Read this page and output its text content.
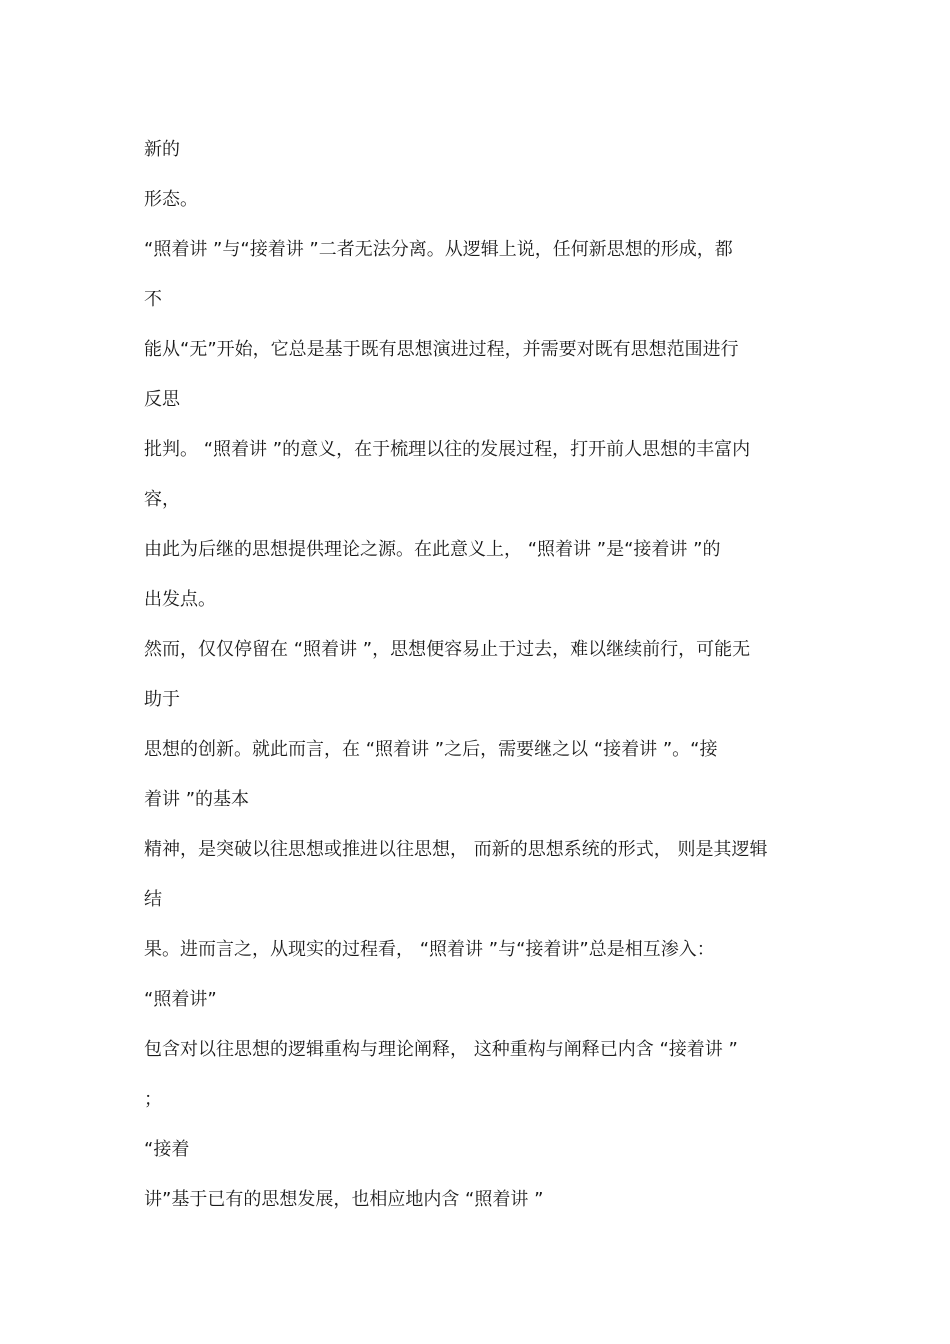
新的
形态。
“照着讲 ”与“接着讲 ”二者无法分离。从逻辑上说，任何新思想的形成，都
不
能从“无”开始，它总是基于既有思想演进过程，并需要对既有思想范围进行
反思
批判。 “照着讲 ”的意义，在于梳理以往的发展过程，打开前人思想的丰富内
容，
由此为后继的思想提供理论之源。在此意义上， “照着讲 ”是“接着讲 ”的
出发点。
然而，仅仅停留在 “照着讲 ”，思想便容易止于过去，难以继续前行，可能无
助于
思想的创新。就此而言，在 “照着讲 ”之后，需要继之以 “接着讲 ”。“接
着讲 ”的基本
精神，是突破以往思想或推进以往思想， 而新的思想系统的形式， 则是其逻辑
结
果。进而言之，从现实的过程看， “照着讲 ”与“接着讲”总是相互渗入：
“照着讲”
包含对以往思想的逻辑重构与理论阐释， 这种重构与阐释已内含 “接着讲 ”
；
“接着
讲”基于已有的思想发展，也相应地内含 “照着讲 ”
